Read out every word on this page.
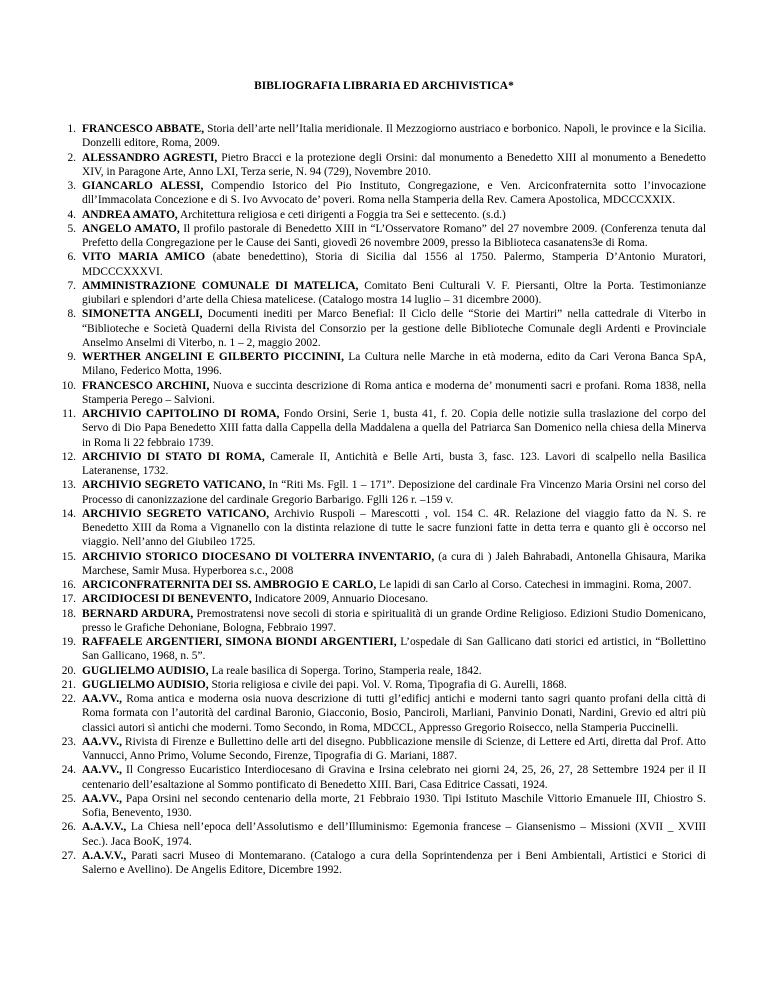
BIBLIOGRAFIA LIBRARIA ED ARCHIVISTICA*
1. FRANCESCO ABBATE, Storia dell’arte nell’Italia meridionale. Il Mezzogiorno austriaco e borbonico. Napoli, le province e la Sicilia. Donzelli editore, Roma, 2009.
2. ALESSANDRO AGRESTI, Pietro Bracci e la protezione degli Orsini: dal monumento a Benedetto XIII al monumento a Benedetto XIV, in Paragone Arte, Anno LXI, Terza serie, N. 94 (729), Novembre 2010.
3. GIANCARLO ALESSI, Compendio Istorico del Pio Instituto, Congregazione, e Ven. Arciconfraternita sotto l’invocazione dll’Immacolata Concezione e di S. Ivo Avvocato de’ poveri. Roma nella Stamperia della Rev. Camera Apostolica, MDCCCXXIX.
4. ANDREA AMATO, Architettura religiosa e ceti dirigenti a Foggia tra Sei e settecento. (s.d.)
5. ANGELO AMATO, Il profilo pastorale di Benedetto XIII in “L’Osservatore Romano” del 27 novembre 2009. (Conferenza tenuta dal Prefetto della Congregazione per le Cause dei Santi, giovedì 26 novembre 2009, presso la Biblioteca casanatens3e di Roma.
6. VITO MARIA AMICO (abate benedettino), Storia di Sicilia dal 1556 al 1750. Palermo, Stamperia D’Antonio Muratori, MDCCCXXXVI.
7. AMMINISTRAZIONE COMUNALE DI MATELICA, Comitato Beni Culturali V. F. Piersanti, Oltre la Porta. Testimonianze giubilari e splendori d’arte della Chiesa matelicese. (Catalogo mostra 14 luglio – 31 dicembre 2000).
8. SIMONETTA ANGELI, Documenti inediti per Marco Benefial: Il Ciclo delle “Storie dei Martiri” nella cattedrale di Viterbo in “Biblioteche e Società Quaderni della Rivista del Consorzio per la gestione delle Biblioteche Comunale degli Ardenti e Provinciale Anselmo Anselmi di Viterbo, n. 1 – 2, maggio 2002.
9. WERTHER ANGELINI E GILBERTO PICCININI, La Cultura nelle Marche in età moderna, edito da Cari Verona Banca SpA, Milano, Federico Motta, 1996.
10. FRANCESCO ARCHINI, Nuova e succinta descrizione di Roma antica e moderna de’ monumenti sacri e profani. Roma 1838, nella Stamperia Perego – Salvioni.
11. ARCHIVIO CAPITOLINO DI ROMA, Fondo Orsini, Serie 1, busta 41, f. 20. Copia delle notizie sulla traslazione del corpo del Servo di Dio Papa Benedetto XIII fatta dalla Cappella della Maddalena a quella del Patriarca San Domenico nella chiesa della Minerva in Roma li 22 febbraio 1739.
12. ARCHIVIO DI STATO DI ROMA, Camerale II, Antichità e Belle Arti, busta 3, fasc. 123. Lavori di scalpello nella Basilica Lateranense, 1732.
13. ARCHIVIO SEGRETO VATICANO, In “Riti Ms. Fgll. 1 – 171”. Deposizione del cardinale Fra Vincenzo Maria Orsini nel corso del Processo di canonizzazione del cardinale Gregorio Barbarigo. Fglli 126 r. –159 v.
14. ARCHIVIO SEGRETO VATICANO, Archivio Ruspoli – Marescotti , vol. 154 C. 4R. Relazione del viaggio fatto da N. S. re Benedetto XIII da Roma a Vignanello con la distinta relazione di tutte le sacre funzioni fatte in detta terra e quanto gli è occorso nel viaggio. Nell’anno del Giubileo 1725.
15. ARCHIVIO STORICO DIOCESANO DI VOLTERRA INVENTARIO, (a cura di ) Jaleh Bahrabadi, Antonella Ghisaura, Marika Marchese, Samir Musa. Hyperborea s.c., 2008
16. ARCICONFRATERNITA DEI SS. AMBROGIO E CARLO, Le lapidi di san Carlo al Corso. Catechesi in immagini. Roma, 2007.
17. ARCIDIOCESI DI BENEVENTO, Indicatore 2009, Annuario Diocesano.
18. BERNARD ARDURA, Premostratensi nove secoli di storia e spiritualità di un grande Ordine Religioso. Edizioni Studio Domenicano, presso le Grafiche Dehoniane, Bologna, Febbraio 1997.
19. RAFFAELE ARGENTIERI, SIMONA BIONDI ARGENTIERI, L’ospedale di San Gallicano dati storici ed artistici, in “Bollettino San Gallicano, 1968, n. 5”.
20. GUGLIELMO AUDISIO, La reale basilica di Soperga. Torino, Stamperia reale, 1842.
21. GUGLIELMO AUDISIO, Storia religiosa e civile dei papi. Vol. V. Roma, Tipografia di G. Aurelli, 1868.
22. AA.VV., Roma antica e moderna osia nuova descrizione di tutti gl’edificj antichi e moderni tanto sagri quanto profani della città di Roma formata con l’autorità del cardinal Baronio, Giacconio, Bosio, Panciroli, Marliani, Panvinio Donati, Nardini, Grevio ed altri più classici autori sì antichi che moderni. Tomo Secondo, in Roma, MDCCL, Appresso Gregorio Roisecco, nella Stamperia Puccinelli.
23. AA.VV., Rivista di Firenze e Bullettino delle arti del disegno. Pubblicazione mensile di Scienze, di Lettere ed Arti, diretta dal Prof. Atto Vannucci, Anno Primo, Volume Secondo, Firenze, Tipografia di G. Mariani, 1887.
24. AA.VV., Il Congresso Eucaristico Interdiocesano di Gravina e Irsina celebrato nei giorni 24, 25, 26, 27, 28 Settembre 1924 per il II centenario dell’esaltazione al Sommo pontificato di Benedetto XIII. Bari, Casa Editrice Cassati, 1924.
25. AA.VV., Papa Orsini nel secondo centenario della morte, 21 Febbraio 1930. Tipi Istituto Maschile Vittorio Emanuele III, Chiostro S. Sofia, Benevento, 1930.
26. A.A.V.V., La Chiesa nell’epoca dell’Assolutismo e dell’Illuminismo: Egemonia francese – Giansenismo – Missioni (XVII _ XVIII Sec.). Jaca BooK, 1974.
27. A.A.V.V., Parati sacri Museo di Montemarano. (Catalogo a cura della Soprintendenza per i Beni Ambientali, Artistici e Storici di Salerno e Avellino). De Angelis Editore, Dicembre 1992.
